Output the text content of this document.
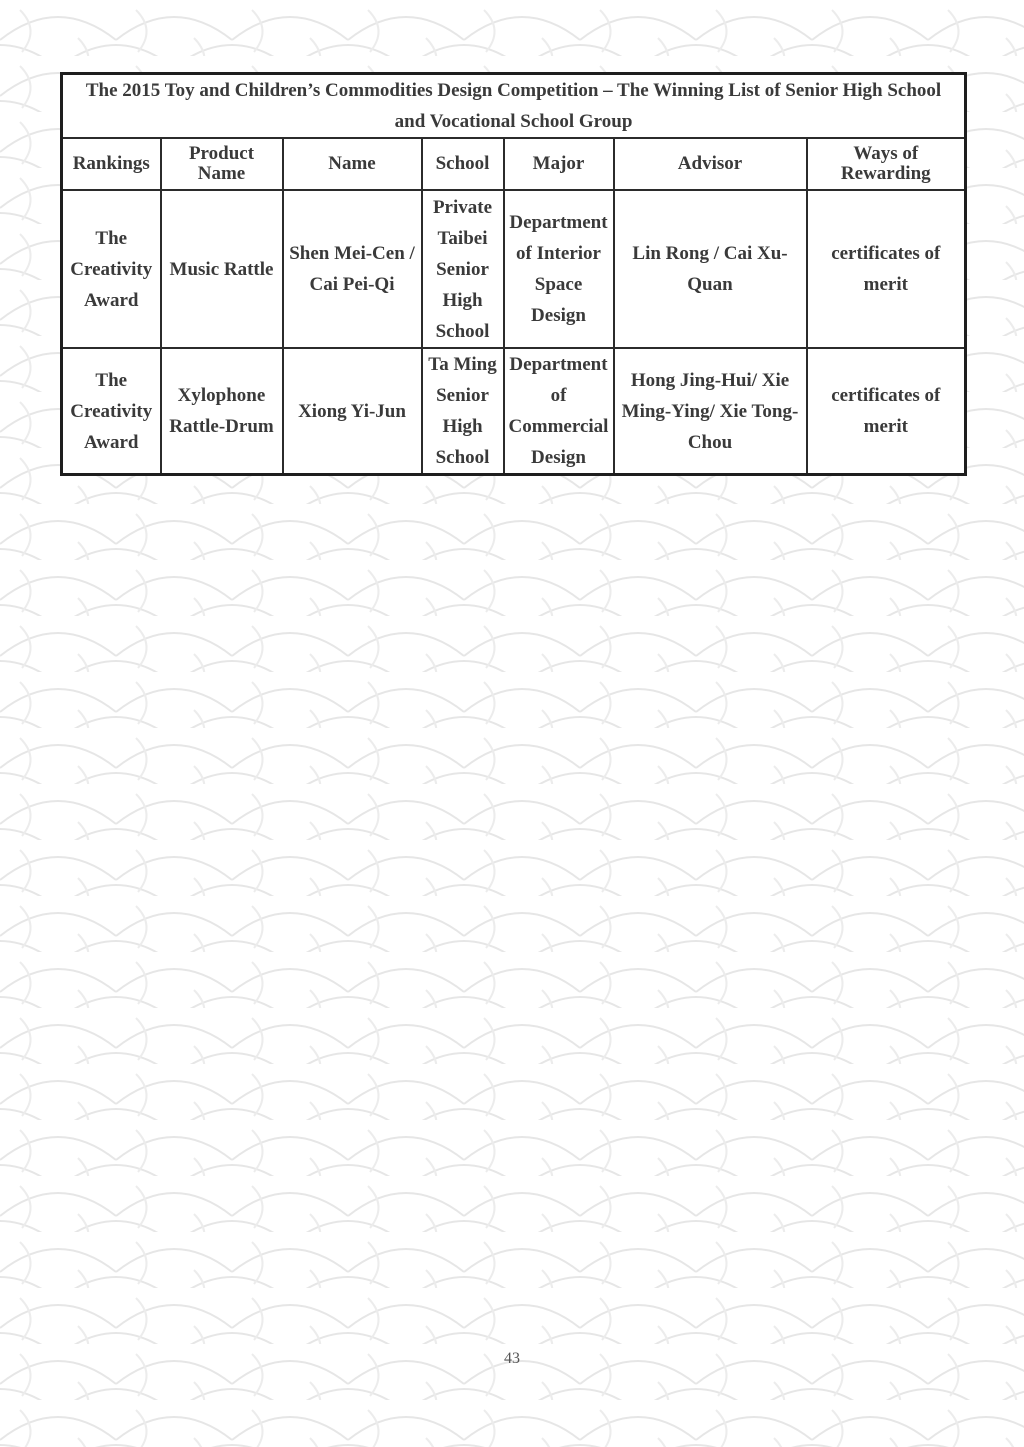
The 2015 Toy and Children’s Commodities Design Competition – The Winning List of Senior High School and Vocational School Group						
Rankings	Product Name	Name	School	Major	Advisor	Ways of Rewarding
The Creativity Award	Music Rattle	Shen Mei-Cen / Cai Pei-Qi	Private Taibei Senior High School	Department of Interior Space Design	Lin Rong / Cai Xu-Quan	certificates of merit
The Creativity Award	Xylophone Rattle-Drum	Xiong Yi-Jun	Ta Ming Senior High School	Department of Commercial Design	Hong Jing-Hui/ Xie Ming-Ying/ Xie Tong-Chou	certificates of merit
43
